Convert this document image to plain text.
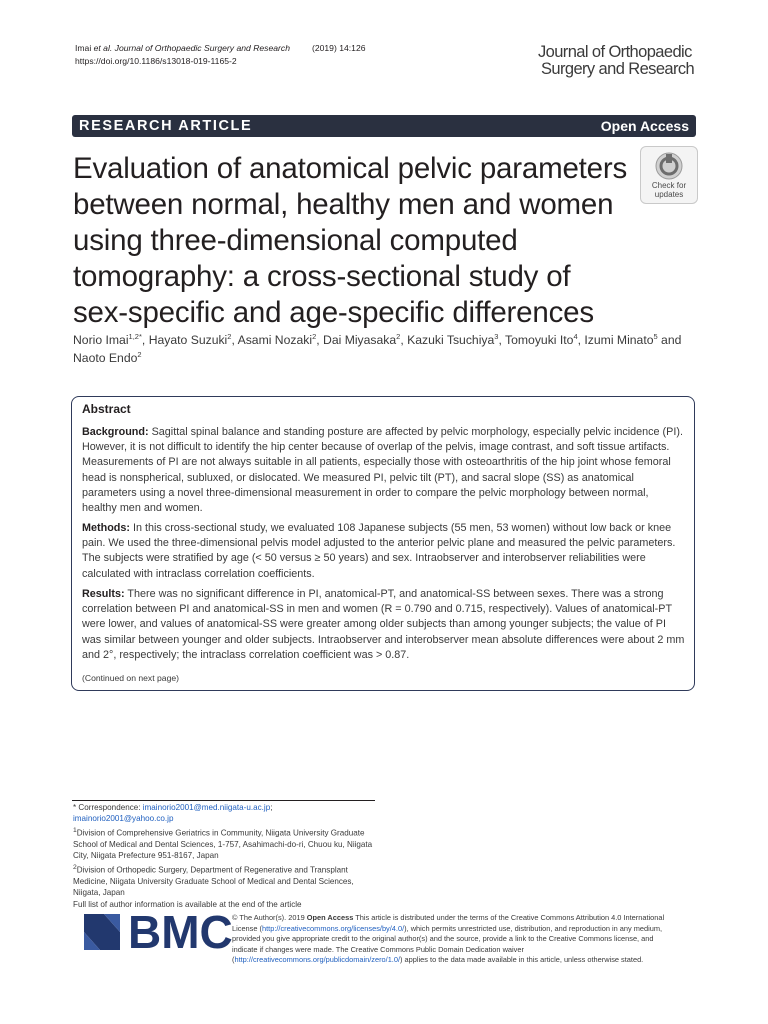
Imai et al. Journal of Orthopaedic Surgery and Research	(2019) 14:126
https://doi.org/10.1186/s13018-019-1165-2	Journal of Orthopaedic
Surgery and Research
RESEARCH ARTICLE	Open Access
Evaluation of anatomical pelvic parameters
between normal, healthy men and women
using three-dimensional computed
tomography: a cross-sectional study of
sex-specific and age-specific differences
Check for
updates
Norio Imai$^{1,2*}$, Hayato Suzuki$^2$, Asami Nozaki$^2$, Dai Miyasaka$^2$, Kazuki Tsuchiya$^3$, Tomoyuki Ito$^4$, Izumi Minato$^5$ and Naoto Endo$^2$
Abstract
Background: Sagittal spinal balance and standing posture are affected by pelvic morphology, especially pelvic incidence (PI). However, it is not difficult to identify the hip center because of overlap of the pelvis, image contrast, and soft tissue artifacts. Measurements of PI are not always suitable in all patients, especially those with osteoarthritis of the hip joint whose femoral head is nonspherical, subluxed, or dislocated. We measured PI, pelvic tilt (PT), and sacral slope (SS) as anatomical parameters using a novel three-dimensional measurement in order to compare the pelvic morphology between normal, healthy men and women.
Methods: In this cross-sectional study, we evaluated 108 Japanese subjects (55 men, 53 women) without low back or knee pain. We used the three-dimensional pelvis model adjusted to the anterior pelvic plane and measured the pelvic parameters. The subjects were stratified by age (< 50 versus ≥ 50 years) and sex. Intraobserver and interobserver reliabilities were calculated with intraclass correlation coefficients.
Results: There was no significant difference in PI, anatomical-PT, and anatomical-SS between sexes. There was a strong correlation between PI and anatomical-SS in men and women (R = 0.790 and 0.715, respectively). Values of anatomical-PT were lower, and values of anatomical-SS were greater among older subjects than among younger subjects; the value of PI was similar between younger and older subjects. Intraobserver and interobserver mean absolute differences were about 2 mm and 2°, respectively; the intraclass correlation coefficient was > 0.87.
(Continued on next page)
* Correspondence: imainorio2001@med.niigata-u.ac.jp;
imainorio2001@yahoo.co.jp
$^1$Division of Comprehensive Geriatrics in Community, Niigata University Graduate School of Medical and Dental Sciences, 1-757, Asahimachi-do-ri, Chuou ku, Niigata City, Niigata Prefecture 951-8167, Japan
$^2$Division of Orthopedic Surgery, Department of Regenerative and Transplant Medicine, Niigata University Graduate School of Medical and Dental Sciences, Niigata, Japan
Full list of author information is available at the end of the article
BMC © The Author(s). 2019 Open Access This article is distributed under the terms of the Creative Commons Attribution 4.0 International License (http://creativecommons.org/licenses/by/4.0/), which permits unrestricted use, distribution, and reproduction in any medium, provided you give appropriate credit to the original author(s) and the source, provide a link to the Creative Commons license, and indicate if changes were made. The Creative Commons Public Domain Dedication waiver (http://creativecommons.org/publicdomain/zero/1.0/) applies to the data made available in this article, unless otherwise stated.
